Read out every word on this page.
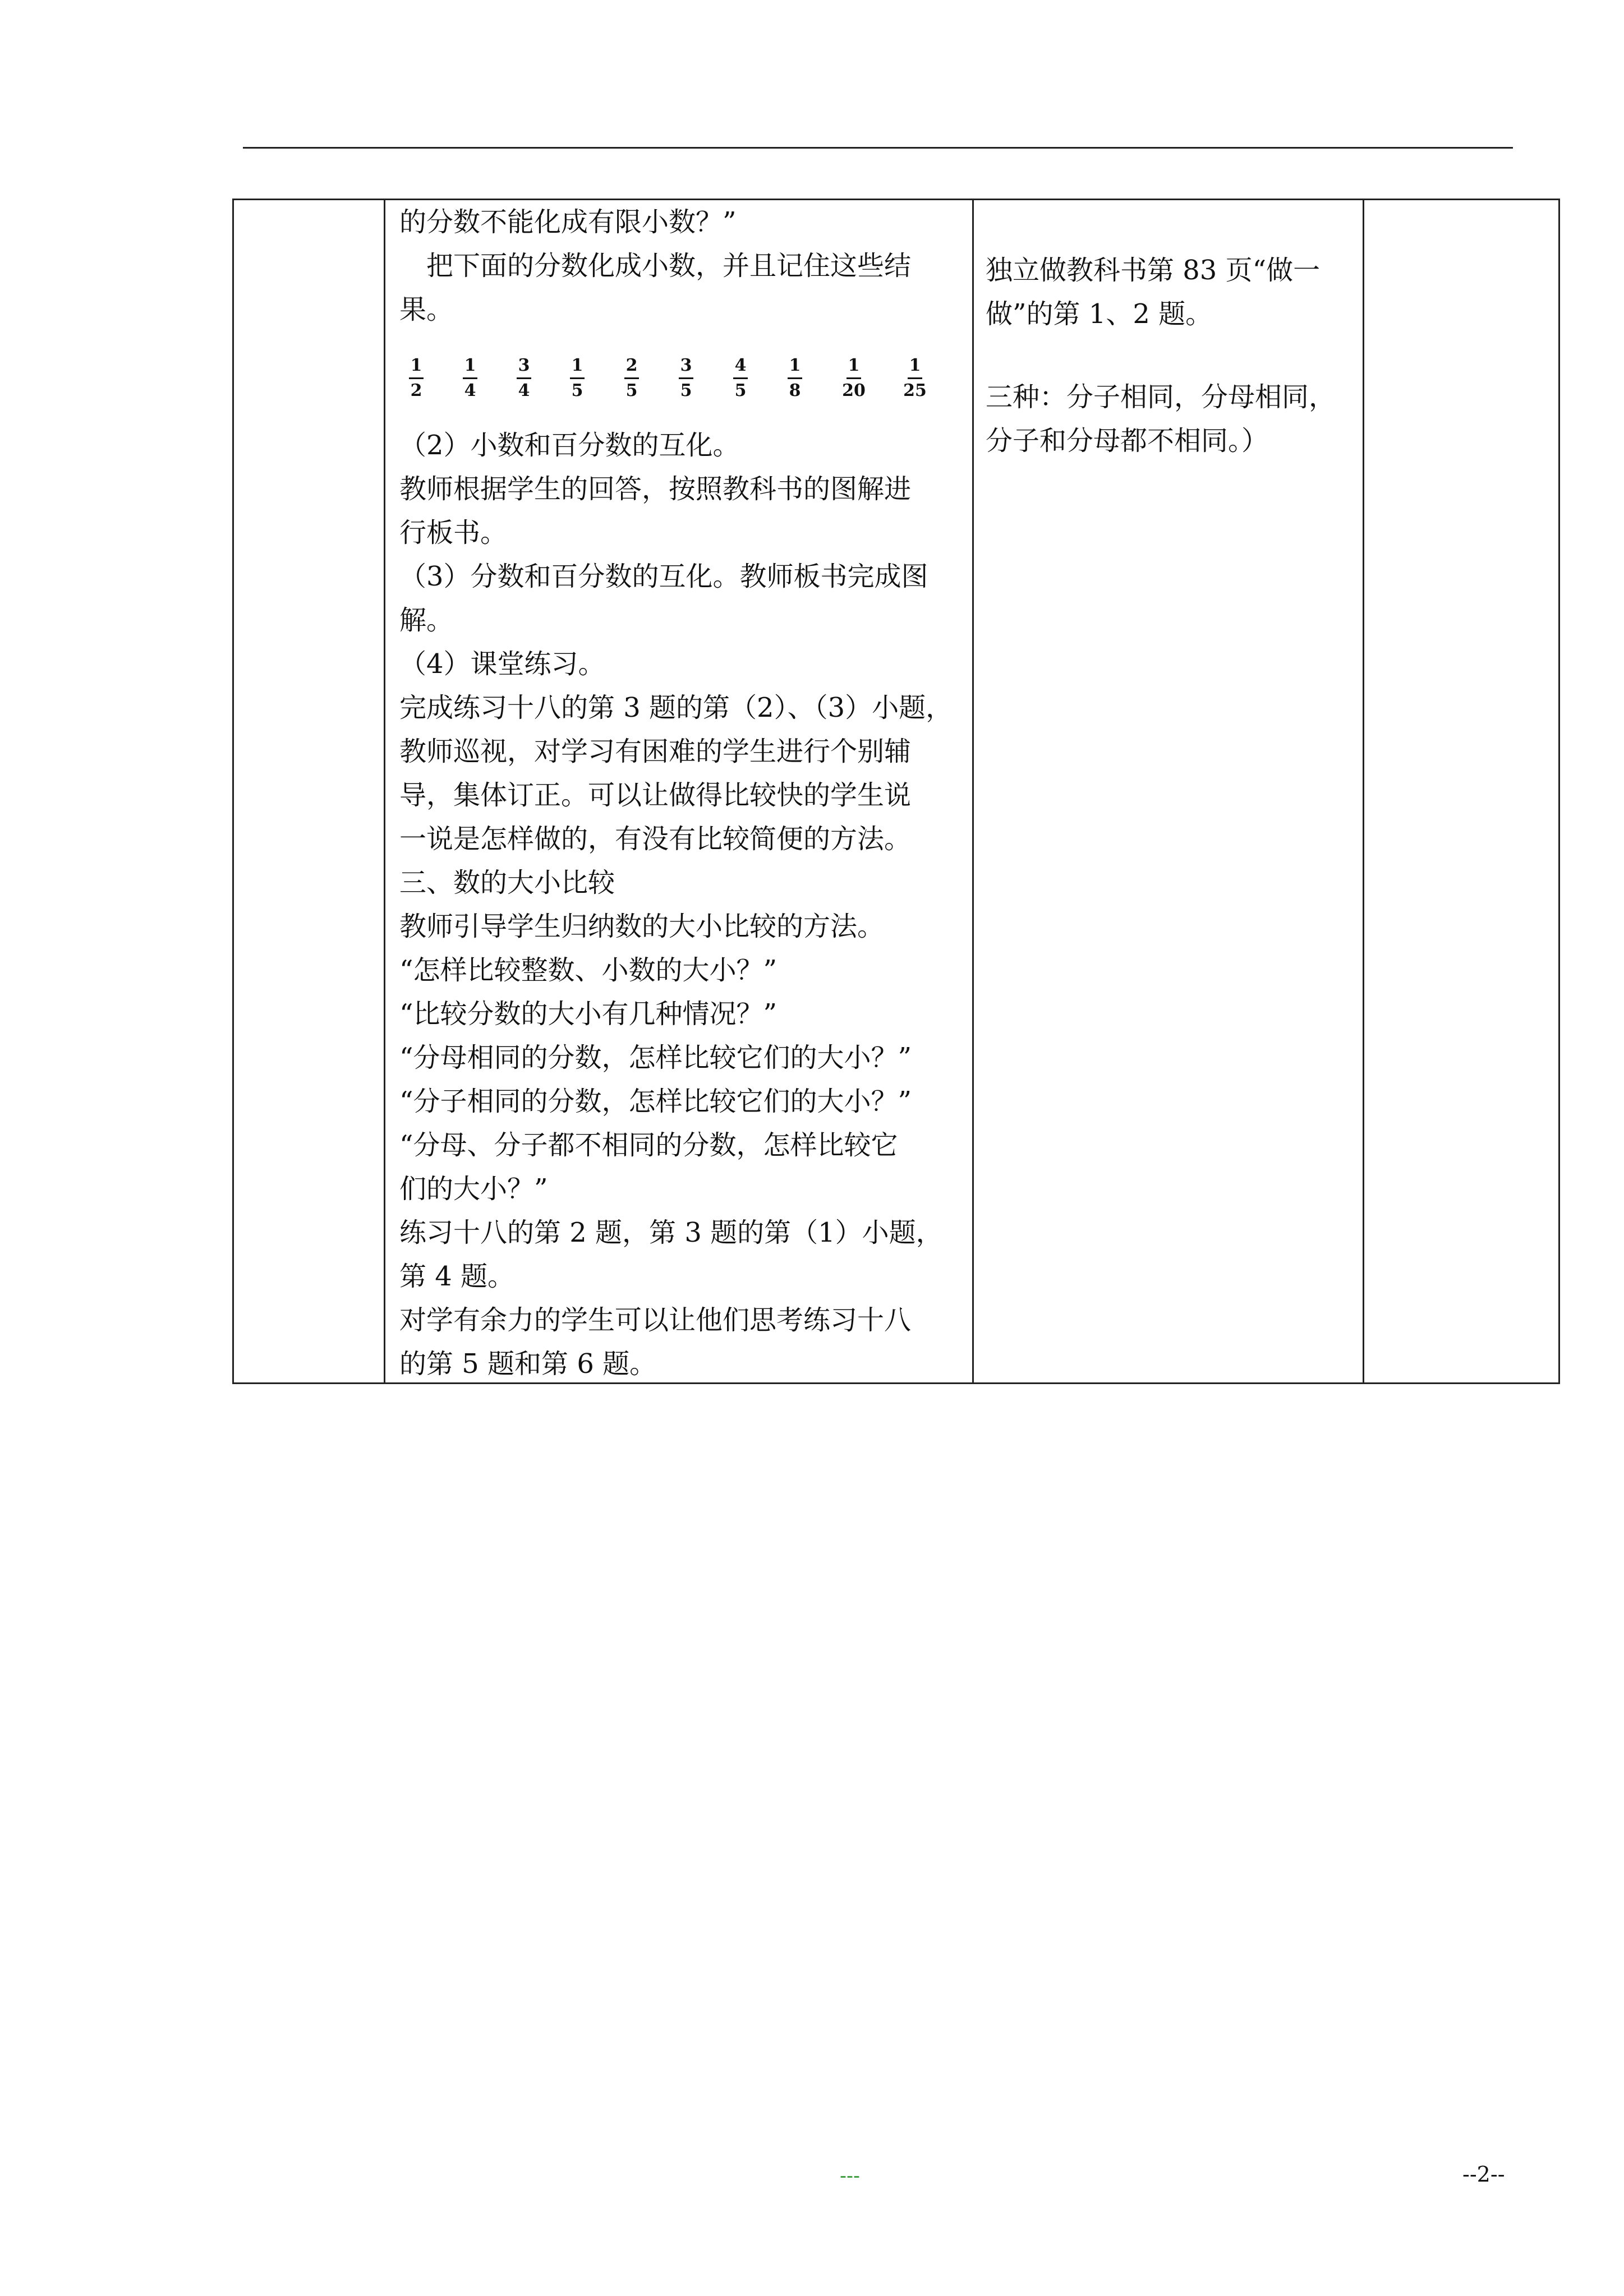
的分数不能化成有限小数？”
　把下面的分数化成小数，并且记住这些结
果。
1
2
1
4
3
4
1
5
2
5
3
5
4
5
1
8
1
20
1
25
（2）小数和百分数的互化。
教师根据学生的回答，按照教科书的图解进
行板书。
（3）分数和百分数的互化。教师板书完成图
解。
（4）课堂练习。
完成练习十八的第 3 题的第（2）、（3）小题，
教师巡视，对学习有困难的学生进行个别辅
导，集体订正。可以让做得比较快的学生说
一说是怎样做的，有没有比较简便的方法。
三、数的大小比较
教师引导学生归纳数的大小比较的方法。
“怎样比较整数、小数的大小？”
“比较分数的大小有几种情况？”
“分母相同的分数，怎样比较它们的大小？”
“分子相同的分数，怎样比较它们的大小？”
“分母、分子都不相同的分数，怎样比较它
们的大小？”
练习十八的第 2 题，第 3 题的第（1）小题，
第 4 题。
对学有余力的学生可以让他们思考练习十八
的第 5 题和第 6 题。
独立做教科书第 83 页“做一
做”的第 1、2 题。
三种：分子相同，分母相同，
分子和分母都不相同。）
---	--2--
